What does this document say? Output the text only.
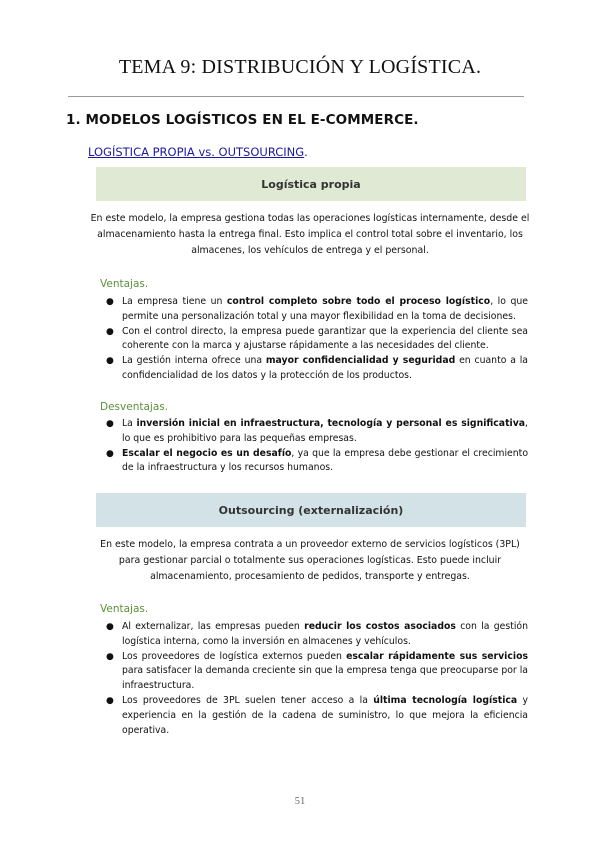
TEMA 9: DISTRIBUCIÓN Y LOGÍSTICA.
1. MODELOS LOGÍSTICOS EN EL E-COMMERCE.
LOGÍSTICA PROPIA vs. OUTSOURCING.
Logística propia
En este modelo, la empresa gestiona todas las operaciones logísticas internamente, desde el almacenamiento hasta la entrega final. Esto implica el control total sobre el inventario, los almacenes, los vehículos de entrega y el personal.
Ventajas.
● La empresa tiene un control completo sobre todo el proceso logístico, lo que permite una personalización total y una mayor flexibilidad en la toma de decisiones.
● Con el control directo, la empresa puede garantizar que la experiencia del cliente sea coherente con la marca y ajustarse rápidamente a las necesidades del cliente.
● La gestión interna ofrece una mayor confidencialidad y seguridad en cuanto a la confidencialidad de los datos y la protección de los productos.
Desventajas.
● La inversión inicial en infraestructura, tecnología y personal es significativa, lo que es prohibitivo para las pequeñas empresas.
● Escalar el negocio es un desafío, ya que la empresa debe gestionar el crecimiento de la infraestructura y los recursos humanos.
Outsourcing (externalización)
En este modelo, la empresa contrata a un proveedor externo de servicios logísticos (3PL) para gestionar parcial o totalmente sus operaciones logísticas. Esto puede incluir almacenamiento, procesamiento de pedidos, transporte y entregas.
Ventajas.
● Al externalizar, las empresas pueden reducir los costos asociados con la gestión logística interna, como la inversión en almacenes y vehículos.
● Los proveedores de logística externos pueden escalar rápidamente sus servicios para satisfacer la demanda creciente sin que la empresa tenga que preocuparse por la infraestructura.
● Los proveedores de 3PL suelen tener acceso a la última tecnología logística y experiencia en la gestión de la cadena de suministro, lo que mejora la eficiencia operativa.
51
